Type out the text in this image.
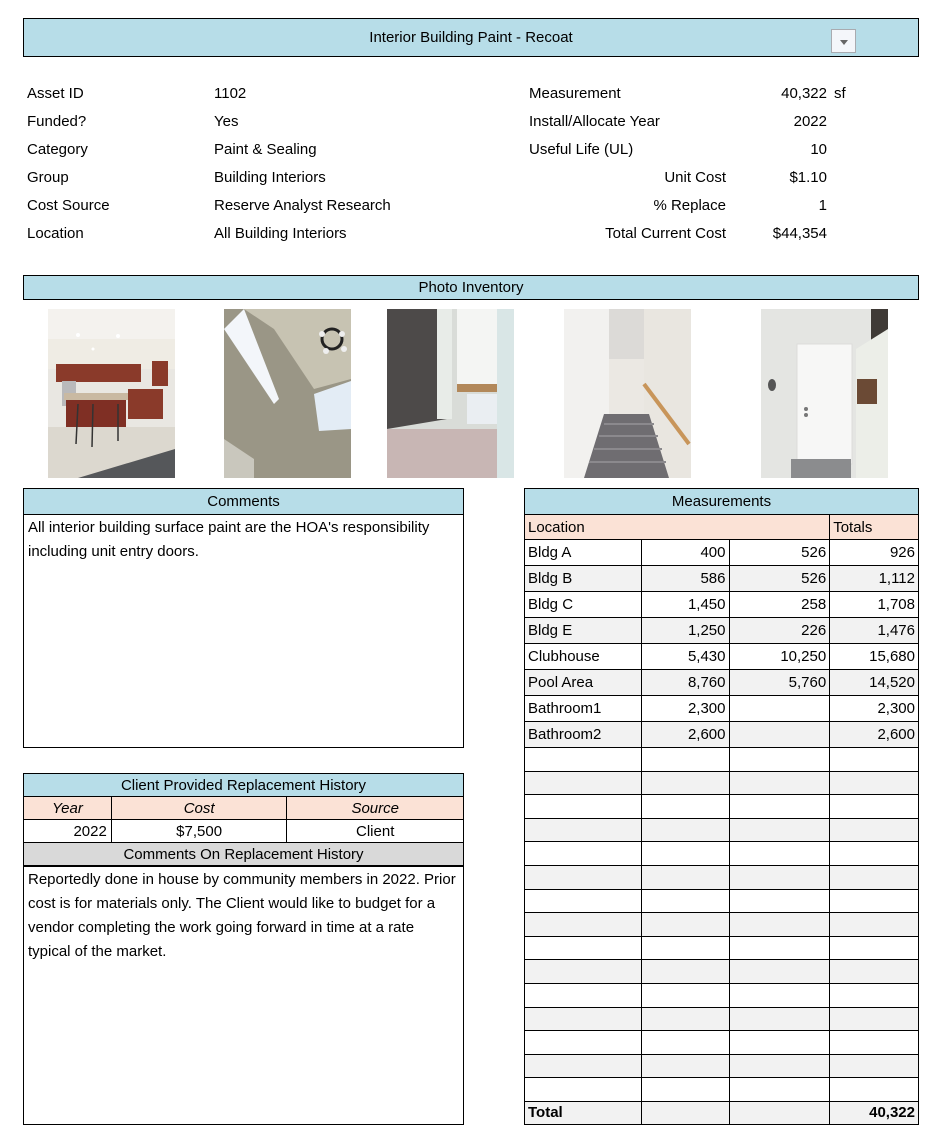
Interior Building Paint - Recoat
Asset ID	1102
Funded?	Yes
Category	Paint & Sealing
Group	Building Interiors
Cost Source	Reserve Analyst Research
Location	All Building Interiors
Measurement	40,322 sf
Install/Allocate Year	2022
Useful Life (UL)	10
Unit Cost	$1.10
% Replace	1
Total Current Cost	$44,354
Photo Inventory
Comments
All interior building surface paint are the HOA's responsibility including unit entry doors.
Client Provided Replacement History
Year	Cost	Source
2022	$7,500	Client
Comments On Replacement History		
Reportedly done in house by community members in 2022. Prior cost is for materials only. The Client would like to budget for a vendor completing the work going forward in time at a rate typical of the market.
Measurements			
Location			Totals
Bldg A	400	526	926
Bldg B	586	526	1,112
Bldg C	1,450	258	1,708
Bldg E	1,250	226	1,476
Clubhouse	5,430	10,250	15,680
Pool Area	8,760	5,760	14,520
Bathroom1	2,300		2,300
Bathroom2	2,600		2,600

Total			40,322
